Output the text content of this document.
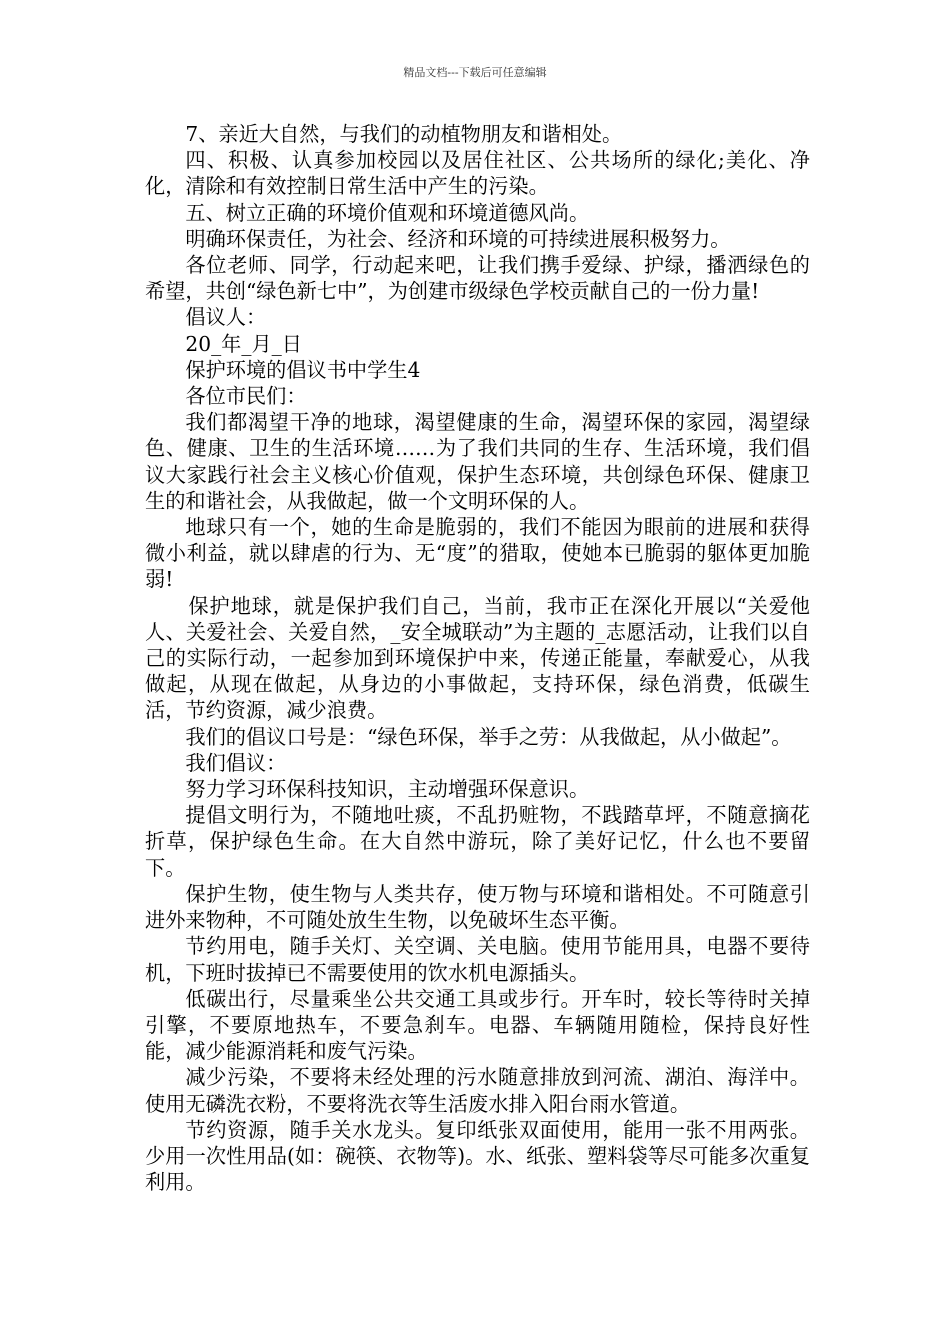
精品文档---下载后可任意编辑

7、亲近大自然，与我们的动植物朋友和谐相处。

四、积极、认真参加校园以及居住社区、公共场所的绿化;美化、净化，清除和有效控制日常生活中产生的污染。

五、树立正确的环境价值观和环境道德风尚。

明确环保责任，为社会、经济和环境的可持续进展积极努力。

各位老师、同学，行动起来吧，让我们携手爱绿、护绿，播洒绿色的希望，共创“绿色新七中”，为创建市级绿色学校贡献自己的一份力量!

倡议人：

20_年_月_日

保护环境的倡议书中学生4

各位市民们：

我们都渴望干净的地球，渴望健康的生命，渴望环保的家园，渴望绿色、健康、卫生的生活环境……为了我们共同的生存、生活环境，我们倡议大家践行社会主义核心价值观，保护生态环境，共创绿色环保、健康卫生的和谐社会，从我做起，做一个文明环保的人。

地球只有一个，她的生命是脆弱的，我们不能因为眼前的进展和获得微小利益，就以肆虐的行为、无“度”的猎取，使她本已脆弱的躯体更加脆弱!

保护地球，就是保护我们自己，当前，我市正在深化开展以“关爱他人、关爱社会、关爱自然，_安全城联动”为主题的_志愿活动，让我们以自己的实际行动，一起参加到环境保护中来，传递正能量，奉献爱心，从我做起，从现在做起，从身边的小事做起，支持环保，绿色消费，低碳生活，节约资源，减少浪费。

我们的倡议口号是：“绿色环保，举手之劳：从我做起，从小做起”。

我们倡议：

努力学习环保科技知识，主动增强环保意识。

提倡文明行为，不随地吐痰，不乱扔赃物，不践踏草坪，不随意摘花折草，保护绿色生命。在大自然中游玩，除了美好记忆，什么也不要留下。

保护生物，使生物与人类共存，使万物与环境和谐相处。不可随意引进外来物种，不可随处放生生物，以免破坏生态平衡。

节约用电，随手关灯、关空调、关电脑。使用节能用具，电器不要待机，下班时拔掉已不需要使用的饮水机电源插头。

低碳出行，尽量乘坐公共交通工具或步行。开车时，较长等待时关掉引擎，不要原地热车，不要急刹车。电器、车辆随用随检，保持良好性能，减少能源消耗和废气污染。

减少污染，不要将未经处理的污水随意排放到河流、湖泊、海洋中。使用无磷洗衣粉，不要将洗衣等生活废水排入阳台雨水管道。

节约资源，随手关水龙头。复印纸张双面使用，能用一张不用两张。少用一次性用品(如：碗筷、衣物等)。水、纸张、塑料袋等尽可能多次重复利用。
